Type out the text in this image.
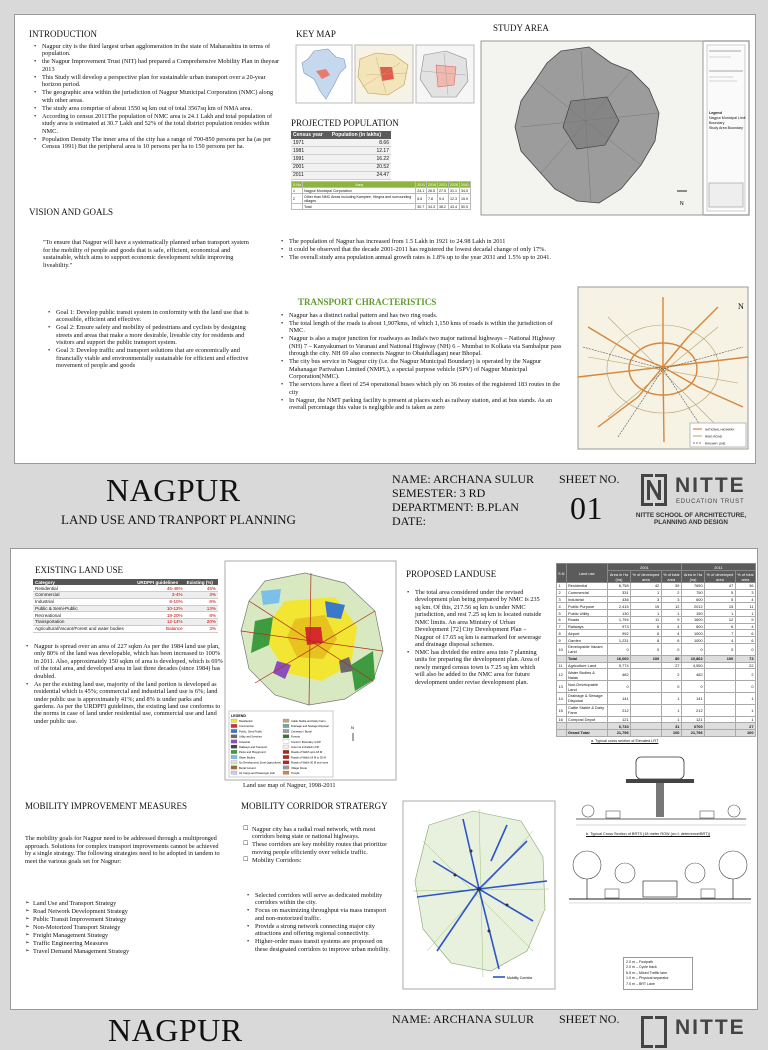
INTRODUCTION
• Nagpur city is the third largest urban agglomeration in the state of Maharashtra in terms of population.
• the Nagpur Improvement Trust (NIT) had prepared a Comprehensive Mobility Plan in theyear 2013
• This Study will develop a perspective plan for sustainable urban transport over a 20-year horizon period.
• The geographic area within the jurisdiction of Nagpur Municipal Corporation (NMC) along with other areas.
• The study area comprise of about 1550 sq km out of total 3567sq km of NMA area.
• According to census 2011The population of NMC area is 24.1 Lakh and total population of study area is estimated at 30.7 Lakh and 52% of the total district population resides within NMC.
• Population Density The inner area of the city has a range of 700-850 persons per ha (as per Census 1991) But the peripheral area is 10 persons per ha to 150 persons per ha.
KEY MAP
STUDY AREA
N
Legend
Nagpur Municipal Limit Boundary
Study Area Boundary
PROJECTED POPULATION
Census year	Population (in lakhs)
1971	8.66
1981	12.17
1991	16.22
2001	20.52
2011	24.47
S.No	Area	2011	2016	2021	2026	2041
1	Nagpur Municipal Corporation	24.1	26.5	27.5	31.1	34.5
2	Other than NMC Areas including Kamptee, Hingna and surrounding villages	6.6	7.8	9.4	12.3	15.9
	Total	30.7	34.3	38.2	43.4	50.5
VISION AND GOALS

"To ensure that Nagpur will have a systematically planned urban transport system for the mobility of people and goods that is safe, efficient, economical and sustainable, which aims to support economic development while improving liveability."

• Goal 1: Develop public transit system in conformity with the land use that is accessible, efficient and effective.
• Goal 2: Ensure safety and mobility of pedestrians and cyclists by designing streets and areas that make a more desirable, liveable city for residents and visitors and support the public transport system.
• Goal 3: Develop traffic and transport solutions that are economically and financially viable and environmentally sustainable for efficient and effective movement of people and goods
• The population of Nagpur has increased from 1.5 Lakh in 1921 to 24.98 Lakh in 2011
• it could be observed that the decade 2001-2011 has registered the lowest decadal change of only 17%.
• The overall study area population annual growth rates is 1.8% up to the year 2031 and 1.5% up to 2041.
TRANSPORT CHRACTERISTICS
• Nagpur has a distinct radial pattern and has two ring roads.
• The total length of the roads is about 1,907kms, of which 1,150 kms of roads is within the jurisdiction of NMC.
• Nagpur is also a major junction for roadways as India's two major national highways – National Highway (NH) 7 – Kanyakumari to Varanasi and National Highway (NH) 6 – Mumbai to Kolkata via Sambalpur pass through the city. NH 69 also connects Nagpur to Obaidullaganj near Bhopal.
• The city bus service in Nagpur city (i.e. the Nagpur Municipal Boundary) is operated by the Nagpur Mahanagar Parivahan Limited (NMPL), a special purpose vehicle (SPV) of Nagpur Municipal Corporation(NMC).
• The services have a fleet of 254 operational buses which ply on 36 routes of the registered 183 routes in the city
• In Nagpur, the NMT parking facility is present at places such as railway station, and at bus stands. As an overall percentage this value is negligible and is taken as zero
N
NATIONAL HIGHWAY
RING ROAD
RAILWAY LINE
NAGPUR
LAND USE AND TRANPORT PLANNING
NAME: ARCHANA SULUR
SEMESTER: 3 RD
DEPARTMENT: B.PLAN
DATE:
SHEET NO.
01
NITTE
EDUCATION TRUST
NITTE SCHOOL OF ARCHITECTURE,
PLANNING AND DESIGN
EXISTING LAND USE
Category	URDPFI guidelines	Existing (%)
Residential	45-45%	45%
Commercial	3-4%	3%
Industrial	8-10%	8%
Public & Semi-Public	10-12%	13%
Recreational	18-20%	8%
Transportation	12-14%	20%
Agricultural/Vacant/Forest and water bodies	Balance	3%
• Nagpur is spread over an area of 227 sqkm As per the 1984 land use plan, only 80% of the land was developable, which has been increased to 100% in 2011. Also, approximately 150 sqkm of area is developed, which is 69% of the total area, and developed area in last three decades (since 1984) has doubled.
• As per the existing land use, majority of the land portion is developed as residential which is 45%; commercial and industrial land use is 6%; land under public use is approximately 41%; and 8% is under parks and gardens. As per the URDPFI guidelines, the existing land use conforms to the norms in case of land under residential use, commercial use and land under public use.
LEGEND
Residential
Commercial
Public, Semi Public
Utility and Services
Industrial
Railways and Transport
Parks and Playground
Water Bodies
No Development Zone (agriculture)
Burial Ground
Air Cargo and Passenger Hub
Cattle Stable and Dairy Farm
Drainage and Sewage Disposal
Cemetery / Burial
Forests
Control / Boundary of DP
Area not included in DP
Roads of Width upto 18 M
Roads of Width 18 M to 30 M
Roads of Width 30 M and more
Village Route
Temple
N
Land use map of Nagpur, 1998-2011
PROPOSED LANDUSE
• The total area considered under the revised development plan being prepared by NMC is 235 sq km. Of this, 217.56 sq km is under NMC jurisdiction, and rest 7.25 sq km is located outside NMC limits. An area Ministry of Urban Development [72] City Development Plan – Nagpur of 17.65 sq km is earmarked for sewerage and drainage disposal schemes.
• NMC has divided the entire area into 7 planning units for preparing the development plan. Area of newly merged census town is 7.25 sq km which will also be added to the NMC area for future development under revise development plan.
S.N	Land use	2001			2011		
		Area in Ha (ha)	% of developed area	% of total area	Area in Ha (ha)	% of developed area	% of total area
1	Residential	6,758	42	39	7650	47	36
2	Commercial	331	1	2	750	5	3
3	Industrial	436	3	3	600	5	4
4	Public Purpose	2,415	15	12	2012	15	11
5	Public Utility	130	1	1	150	1	1
6	Roads	1,794	11	9	1600	12	9
7	Railways	973	6	4	600	6	4
8	Airport	992	6	4	1000	7	6
9	Garden	1,231	8	6	1000	4	6
10	Developable Vacant Land	0	0	0	0	0	0
	Total	16,060	100	80	10,862	100	73
11	Agriculture Land	5,774		27	4,550		22
12	Water Bodies & Nalas	482		2	482		2
13	Non-Developable Land	0		0	0		0
14	Drainage & Sewage Disposal	141		1	141		1
15	Cattle Stable & Dairy Farm	212		1	212		1
16	Compost Depot	121		1	121		1
		6,733		31	6700		27
	Grand Total	21,796		100	21,796		100
a. Typical cross section of Elevated LRT
b. Typical Cross Section of BRTS (18 meter ROW (w.r.t. deterrence/BRT))
2.0 m – Footpath
2.0 m – Cycle track
6.5 m – Mixed Traffic lane
1.0 m – Physical separator
7.0 m – BRT Lane
MOBILITY IMPROVEMENT MEASURES

The mobility goals for Nagpur need to be addressed through a multipronged approach. Solutions for complex transport improvements cannot be achieved by a single strategy. The following strategies need to be adopted in tandem to meet the various goals set for Nagpur:

➢ Land Use and Transport Strategy
➢ Road Network Development Strategy
➢ Public Transit Improvement Strategy
➢ Non-Motorized Transport Strategy
➢ Freight Management Strategy
➢ Traffic Engineering Measures
➢ Travel Demand Management Strategy
MOBILITY CORRIDOR STRATERGY
☐ Nagpur city has a radial road network, with most corridors being state or national highways.
☐ These corridors are key mobility routes that prioritize moving people efficiently over vehicle traffic.
☐ Mobility Corridors:
• Selected corridors will serve as dedicated mobility corridors within the city.
• Focus on maximizing throughput via mass transport and non-motorized traffic.
• Provide a strong network connecting major city attractions and offering regional connectivity.
• Higher-order mass transit systems are proposed on these designated corridors to improve urban mobility.
Mobility Corridor
NAGPUR	NAME: ARCHANA SULUR SHEET NO.	NITTE
